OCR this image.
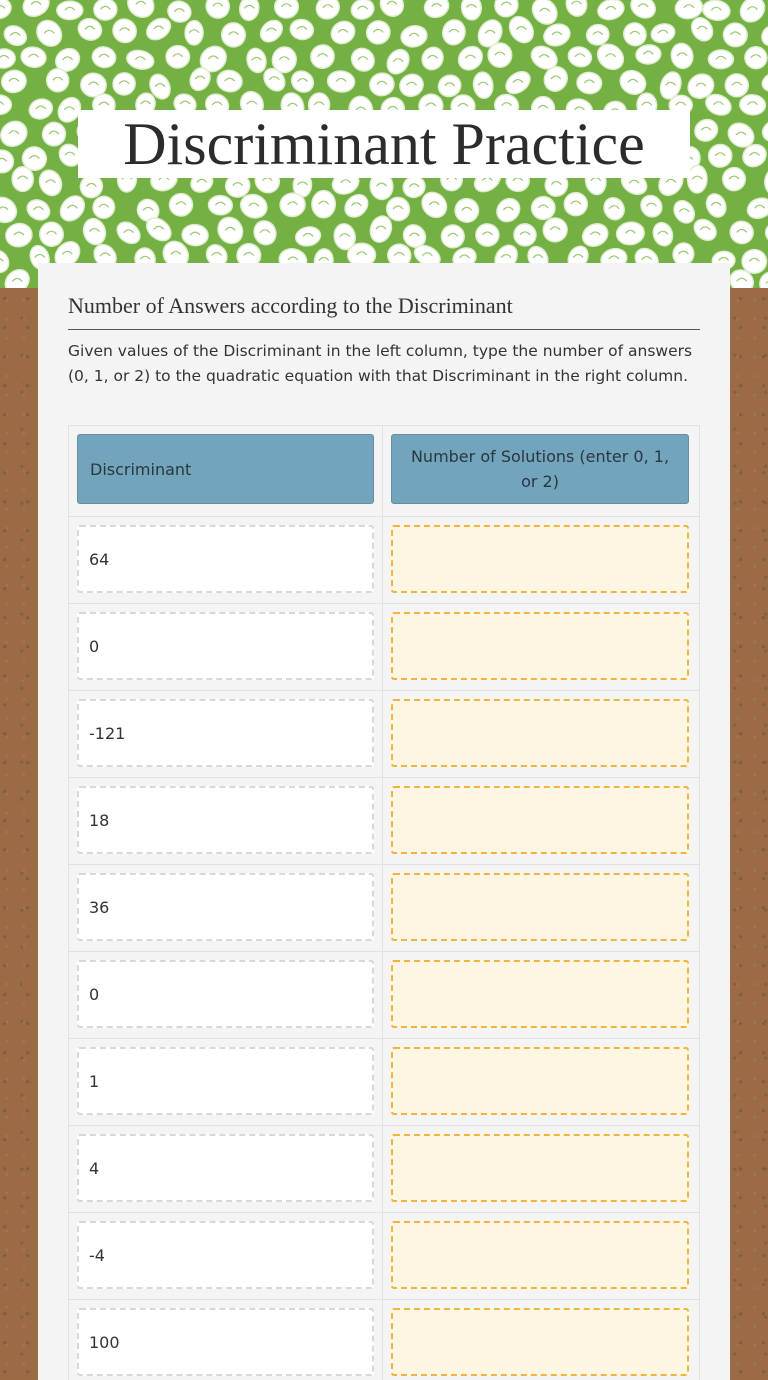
Discriminant Practice
Number of Answers according to the Discriminant
Given values of the Discriminant in the left column, type the number of answers (0, 1, or 2) to the quadratic equation with that Discriminant in the right column.
Discriminant
Number of Solutions (enter 0, 1, or 2)
64
0
-121
18
36
0
1
4
-4
100
